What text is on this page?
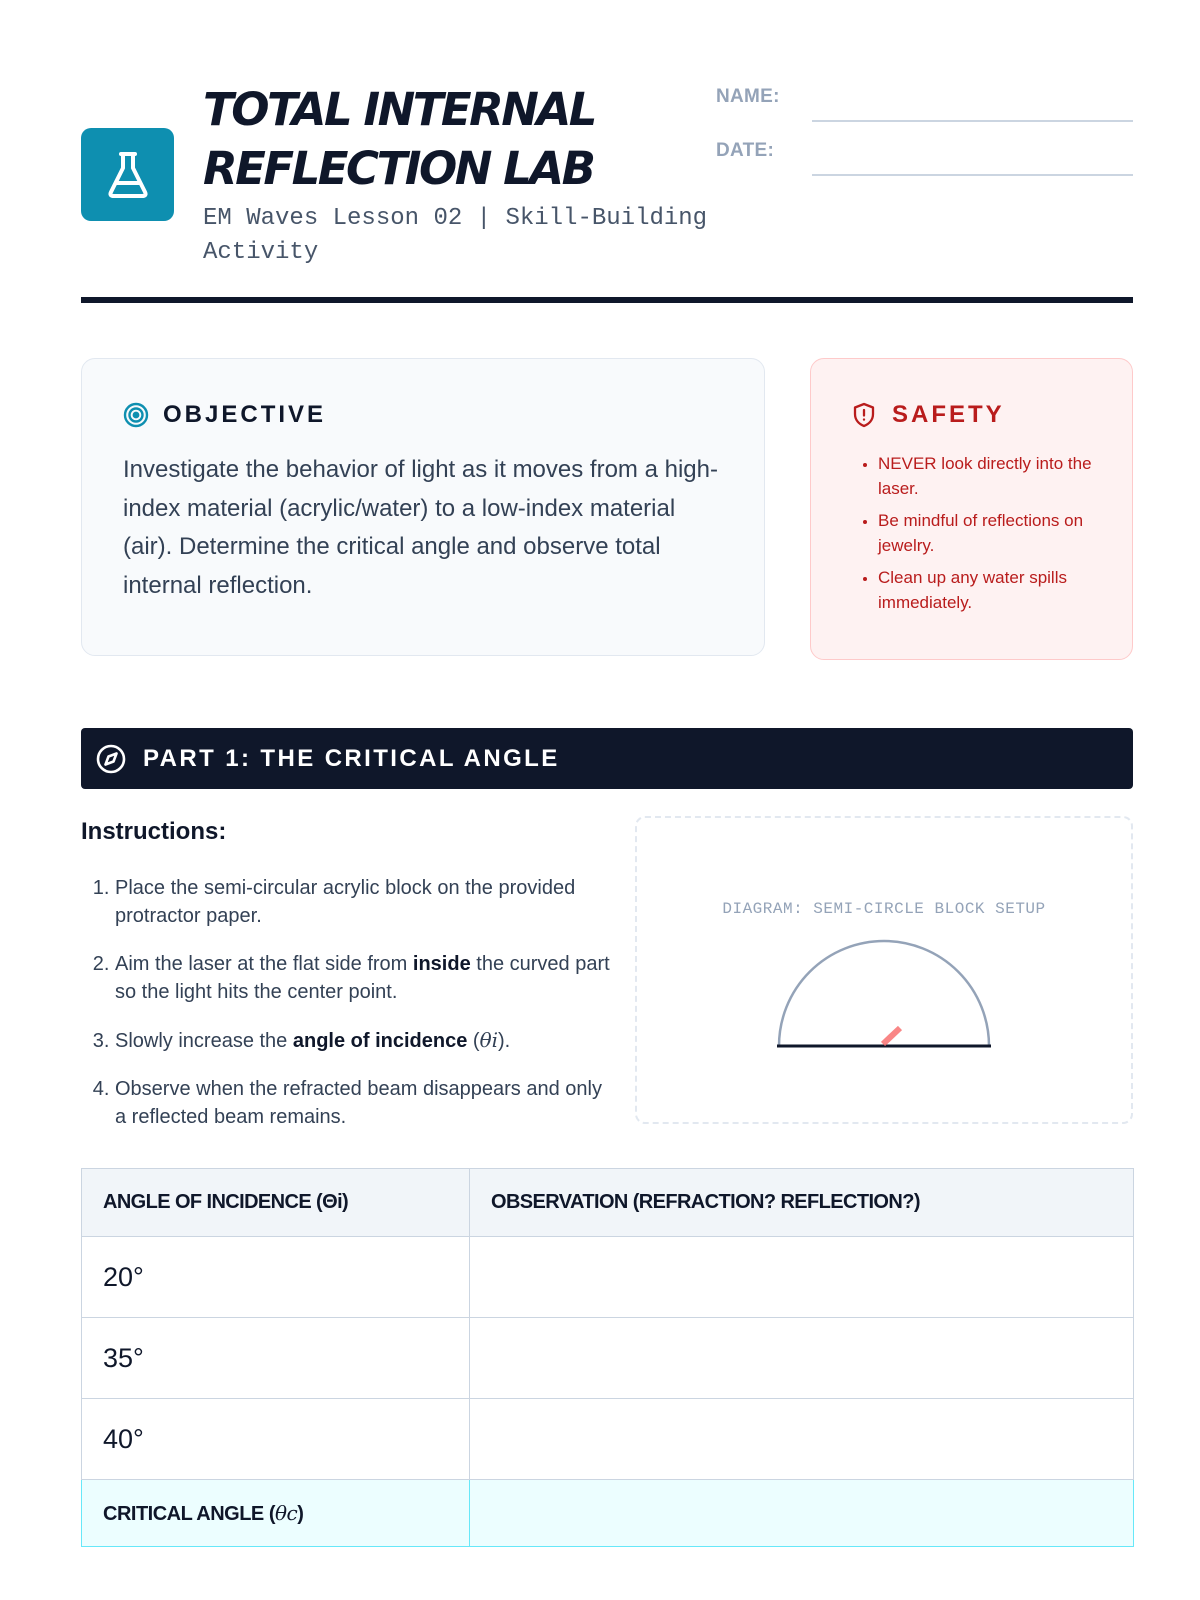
TOTAL INTERNAL
REFLECTION LAB
EM Waves Lesson 02 | Skill-Building Activity
NAME:
DATE:
OBJECTIVE

Investigate the behavior of light as it moves from a high-index material (acrylic/water) to a low-index material (air). Determine the critical angle and observe total internal reflection.

SAFETY
• NEVER look directly into the laser.
• Be mindful of reflections on jewelry.
• Clean up any water spills immediately.
PART 1: THE CRITICAL ANGLE
Instructions:
1. Place the semi-circular acrylic block on the provided protractor paper.
2. Aim the laser at the flat side from inside the curved part so the light hits the center point.
3. Slowly increase the angle of incidence (θi).
4. Observe when the refracted beam disappears and only a reflected beam remains.
DIAGRAM: SEMI-CIRCLE BLOCK SETUP
ANGLE OF INCIDENCE (Θi)	OBSERVATION (REFRACTION? REFLECTION?)
20°	
35°	
40°	
CRITICAL ANGLE (θc)	
